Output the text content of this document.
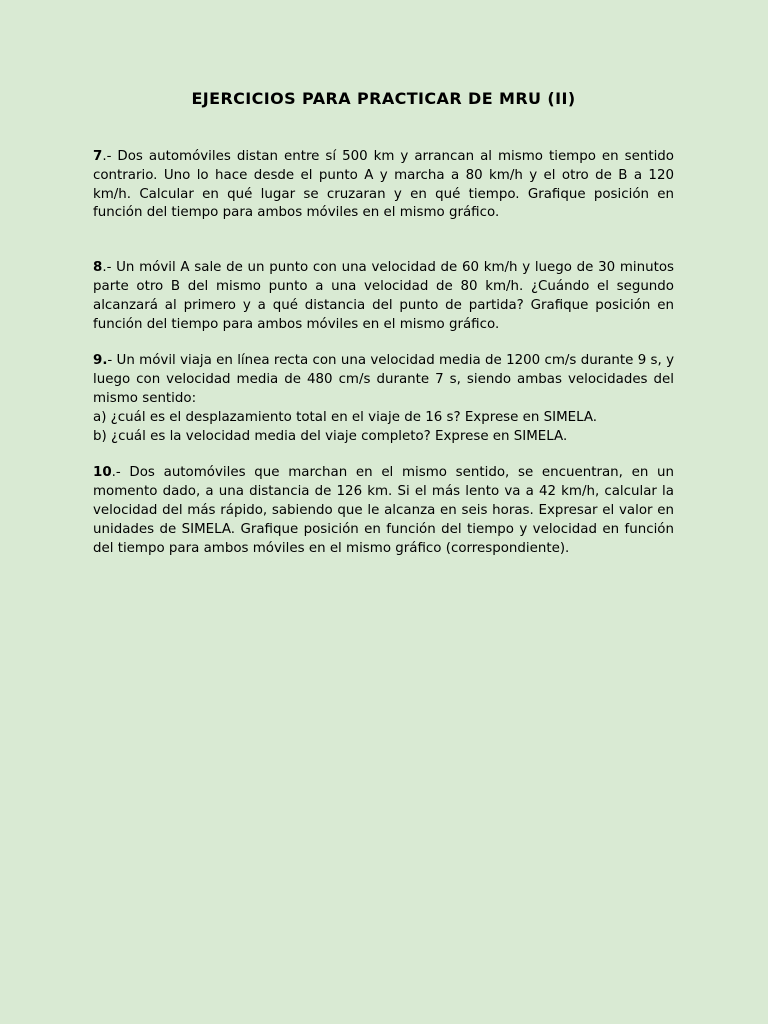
EJERCICIOS PARA PRACTICAR DE MRU (II)

7.- Dos automóviles distan entre sí 500 km y arrancan al mismo tiempo en sentido contrario. Uno lo hace desde el punto A y marcha a 80 km/h y el otro de B a 120 km/h. Calcular en qué lugar se cruzaran y en qué tiempo. Grafique posición en función del tiempo para ambos móviles en el mismo gráfico.

8.- Un móvil A sale de un punto con una velocidad de 60 km/h y luego de 30 minutos parte otro B del mismo punto a una velocidad de 80 km/h. ¿Cuándo el segundo alcanzará al primero y a qué distancia del punto de partida? Grafique posición en función del tiempo para ambos móviles en el mismo gráfico.

9.- Un móvil viaja en línea recta con una velocidad media de 1200 cm/s durante 9 s, y luego con velocidad media de 480 cm/s durante 7 s, siendo ambas velocidades del mismo sentido:
a) ¿cuál es el desplazamiento total en el viaje de 16 s? Exprese en SIMELA.
b) ¿cuál es la velocidad media del viaje completo? Exprese en SIMELA.

10.- Dos automóviles que marchan en el mismo sentido, se encuentran, en un momento dado, a una distancia de 126 km. Si el más lento va a 42 km/h, calcular la velocidad del más rápido, sabiendo que le alcanza en seis horas. Expresar el valor en unidades de SIMELA. Grafique posición en función del tiempo y velocidad en función del tiempo para ambos móviles en el mismo gráfico (correspondiente).
